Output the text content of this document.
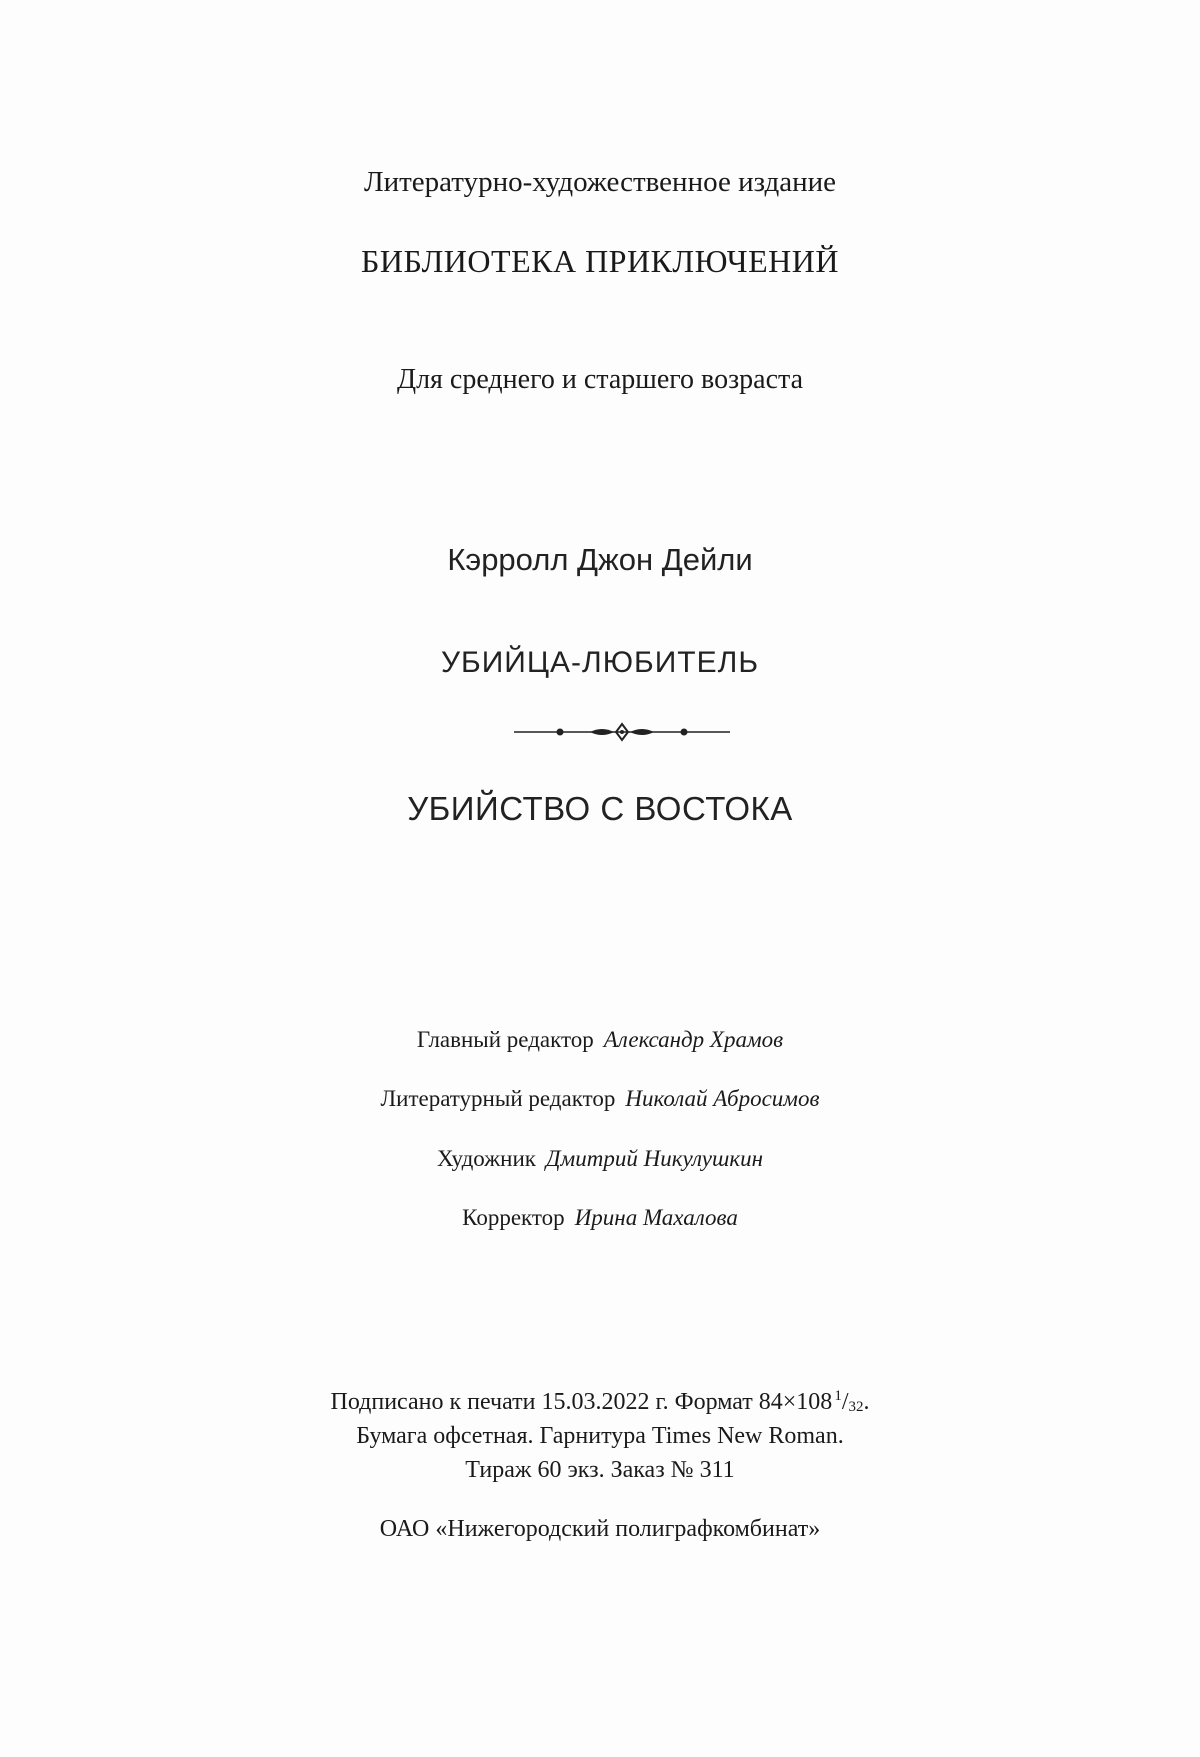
Литературно-художественное издание
БИБЛИОТЕКА ПРИКЛЮЧЕНИЙ
Для среднего и старшего возраста
Кэрролл Джон Дейли
УБИЙЦА-ЛЮБИТЕЛЬ
УБИЙСТВО С ВОСТОКА
Главный редактор Александр Храмов
Литературный редактор Николай Абросимов
Художник Дмитрий Никулушкин
Корректор Ирина Махалова
Подписано к печати 15.03.2022 г. Формат 84×108 $^1/_{32}$.
Бумага офсетная. Гарнитура Times New Roman.
Тираж 60 экз. Заказ № 311
ОАО «Нижегородский полиграфкомбинат»
